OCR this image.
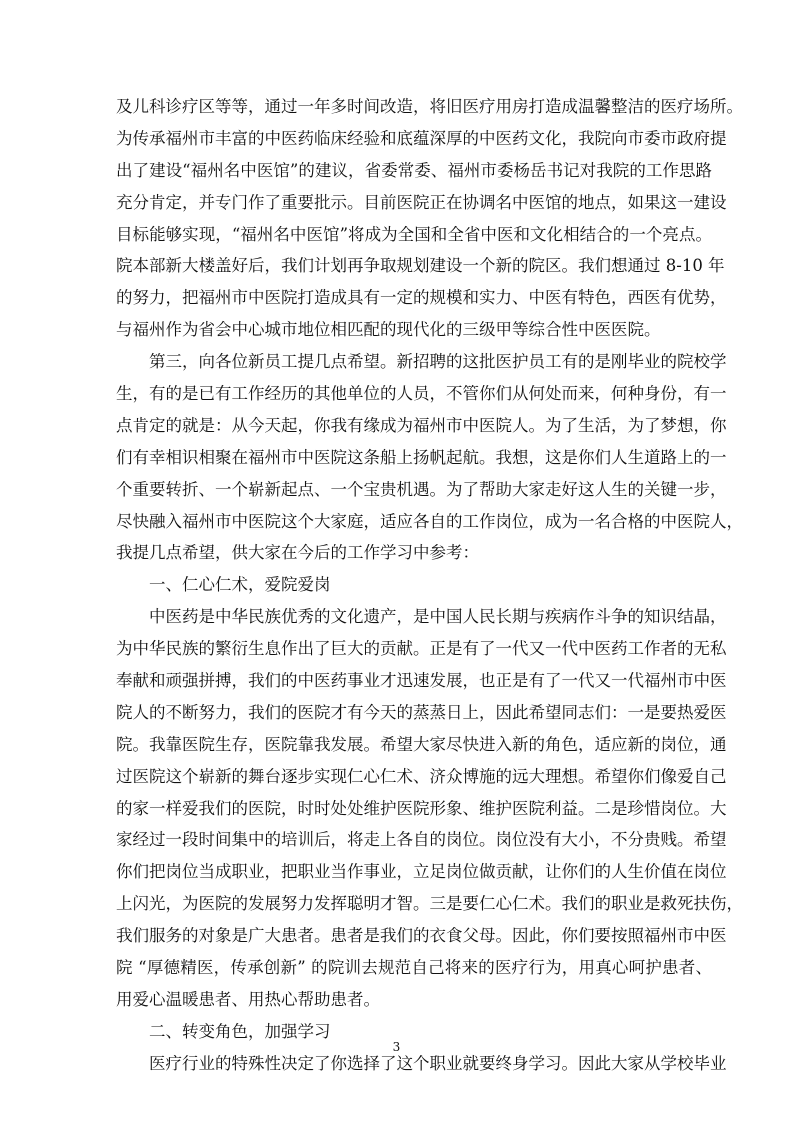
及儿科诊疗区等等，通过一年多时间改造，将旧医疗用房打造成温馨整洁的医疗场所。
为传承福州市丰富的中医药临床经验和底蕴深厚的中医药文化，我院向市委市政府提
出了建设“福州名中医馆”的建议，省委常委、福州市委杨岳书记对我院的工作思路
充分肯定，并专门作了重要批示。目前医院正在协调名中医馆的地点，如果这一建设
目标能够实现，“福州名中医馆”将成为全国和全省中医和文化相结合的一个亮点。
院本部新大楼盖好后，我们计划再争取规划建设一个新的院区。我们想通过 8-10 年
的努力，把福州市中医院打造成具有一定的规模和实力、中医有特色，西医有优势，
与福州作为省会中心城市地位相匹配的现代化的三级甲等综合性中医医院。
第三，向各位新员工提几点希望。新招聘的这批医护员工有的是刚毕业的院校学
生，有的是已有工作经历的其他单位的人员，不管你们从何处而来，何种身份，有一
点肯定的就是：从今天起，你我有缘成为福州市中医院人。为了生活，为了梦想，你
们有幸相识相聚在福州市中医院这条船上扬帆起航。我想，这是你们人生道路上的一
个重要转折、一个崭新起点、一个宝贵机遇。为了帮助大家走好这人生的关键一步，
尽快融入福州市中医院这个大家庭，适应各自的工作岗位，成为一名合格的中医院人，
我提几点希望，供大家在今后的工作学习中参考：
一、仁心仁术，爱院爱岗
中医药是中华民族优秀的文化遗产，是中国人民长期与疾病作斗争的知识结晶，
为中华民族的繁衍生息作出了巨大的贡献。正是有了一代又一代中医药工作者的无私
奉献和顽强拼搏，我们的中医药事业才迅速发展，也正是有了一代又一代福州市中医
院人的不断努力，我们的医院才有今天的蒸蒸日上，因此希望同志们：一是要热爱医
院。我靠医院生存，医院靠我发展。希望大家尽快进入新的角色，适应新的岗位，通
过医院这个崭新的舞台逐步实现仁心仁术、济众博施的远大理想。希望你们像爱自己
的家一样爱我们的医院，时时处处维护医院形象、维护医院利益。二是珍惜岗位。大
家经过一段时间集中的培训后，将走上各自的岗位。岗位没有大小，不分贵贱。希望
你们把岗位当成职业，把职业当作事业，立足岗位做贡献，让你们的人生价值在岗位
上闪光，为医院的发展努力发挥聪明才智。三是要仁心仁术。我们的职业是救死扶伤，
我们服务的对象是广大患者。患者是我们的衣食父母。因此，你们要按照福州市中医
院 “厚德精医，传承创新” 的院训去规范自己将来的医疗行为，用真心呵护患者、
用爱心温暖患者、用热心帮助患者。
二、转变角色，加强学习
医疗行业的特殊性决定了你选择了这个职业就要终身学习。因此大家从学校毕业
3
